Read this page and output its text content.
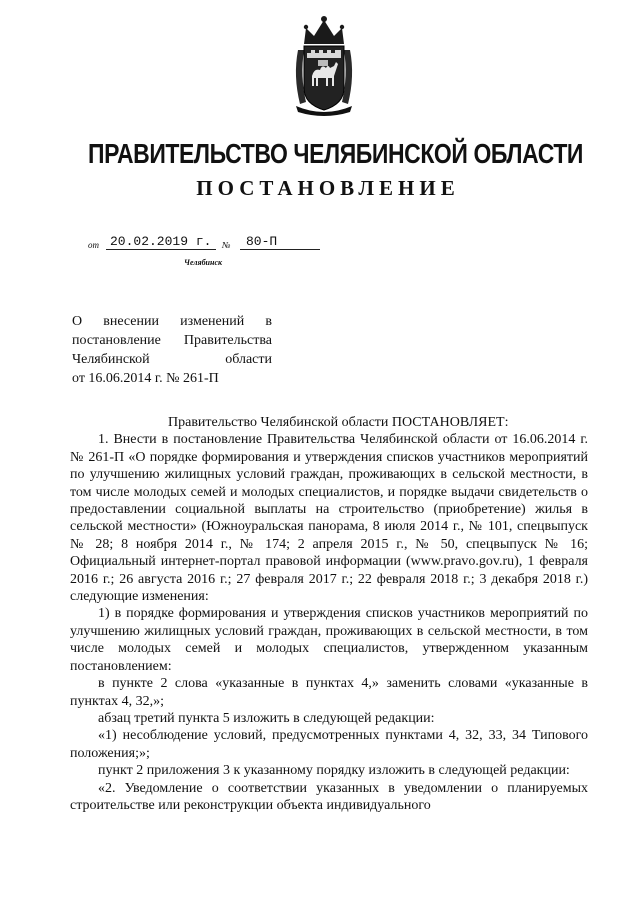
ПРАВИТЕЛЬСТВО ЧЕЛЯБИНСКОЙ ОБЛАСТИ
ПОСТАНОВЛЕНИЕ
от 20.02.2019 г.	№	80-П
Челябинск
О внесении изменений в
постановление Правительства
Челябинской области
от 16.06.2014 г. № 261-П

Правительство Челябинской области ПОСТАНОВЛЯЕТ:

1. Внести в постановление Правительства Челябинской области от 16.06.2014 г. № 261-П «О порядке формирования и утверждения списков участников мероприятий по улучшению жилищных условий граждан, проживающих в сельской местности, в том числе молодых семей и молодых специалистов, и порядке выдачи свидетельств о предоставлении социальной выплаты на строительство (приобретение) жилья в сельской местности» (Южноуральская панорама, 8 июля 2014 г., № 101, спецвыпуск № 28; 8 ноября 2014 г., № 174; 2 апреля 2015 г., № 50, спецвыпуск № 16; Официальный интернет-портал правовой информации (www.pravo.gov.ru), 1 февраля 2016 г.; 26 августа 2016 г.; 27 февраля 2017 г.; 22 февраля 2018 г.; 3 декабря 2018 г.) следующие изменения:

1) в порядке формирования и утверждения списков участников мероприятий по улучшению жилищных условий граждан, проживающих в сельской местности, в том числе молодых семей и молодых специалистов, утвержденном указанным постановлением:

в пункте 2 слова «указанные в пунктах 4,» заменить словами «указанные в пунктах 4, 32,»;

абзац третий пункта 5 изложить в следующей редакции:

«1) несоблюдение условий, предусмотренных пунктами 4, 32, 33, 34 Типового положения;»;

пункт 2 приложения 3 к указанному порядку изложить в следующей редакции:

«2. Уведомление о соответствии указанных в уведомлении о планируемых строительстве или реконструкции объекта индивидуального
